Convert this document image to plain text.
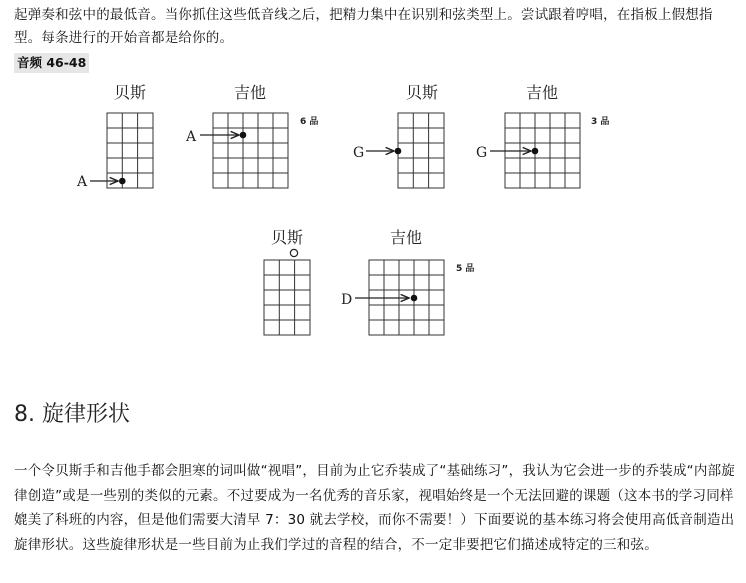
起弹奏和弦中的最低音。当你抓住这些低音线之后，把精力集中在识别和弦类型上。尝试跟着哼唱，在指板上假想指型。每条进行的开始音都是给你的。

音频 46-48
贝斯	吉他
A
A
6 品
贝斯	吉他
G	G
3 品
贝斯	吉他
D
5 品
8. 旋律形状

一个令贝斯手和吉他手都会胆寒的词叫做“视唱”，目前为止它乔装成了“基础练习”，我认为它会进一步的乔装成“内部旋律创造”或是一些别的类似的元素。不过要成为一名优秀的音乐家，视唱始终是一个无法回避的课题（这本书的学习同样媲美了科班的内容，但是他们需要大清早 7：30 就去学校，而你不需要！）下面要说的基本练习将会使用高低音制造出旋律形状。这些旋律形状是一些目前为止我们学过的音程的结合，不一定非要把它们描述成特定的三和弦。
